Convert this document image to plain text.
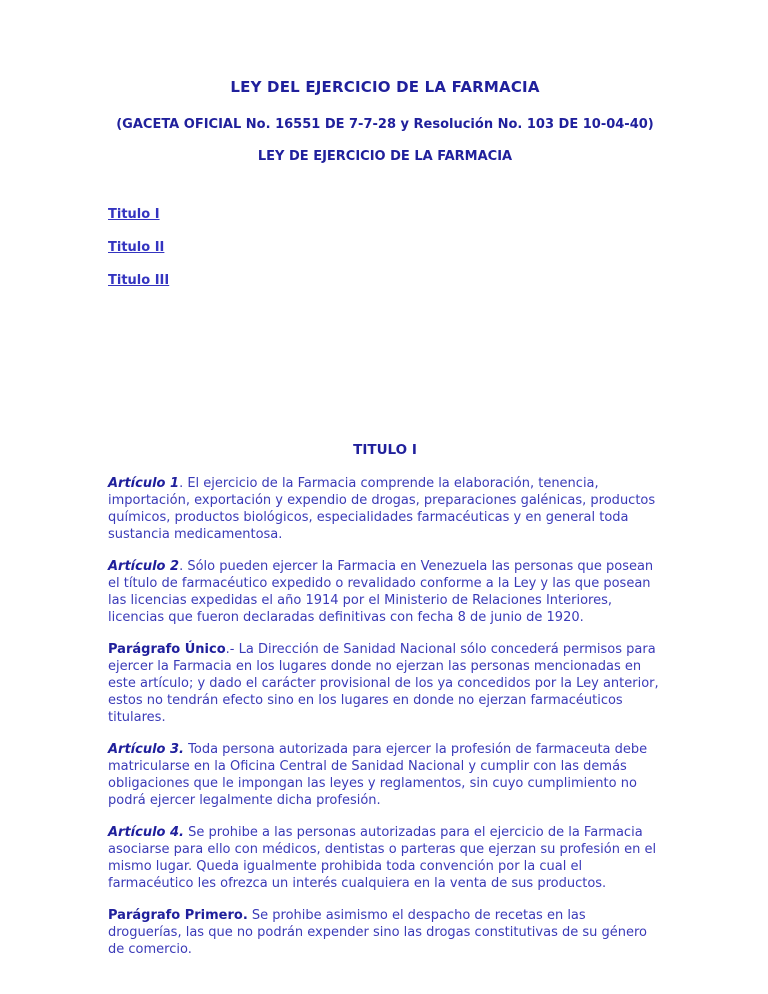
LEY DEL EJERCICIO DE LA FARMACIA
(GACETA OFICIAL No. 16551 DE 7-7-28 y Resolución No. 103 DE 10-04-40)
LEY DE EJERCICIO DE LA FARMACIA
Titulo I
Titulo II
Titulo III
TITULO I

Artículo 1. El ejercicio de la Farmacia comprende la elaboración, tenencia, importación, exportación y expendio de drogas, preparaciones galénicas, productos químicos, productos biológicos, especialidades farmacéuticas y en general toda sustancia medicamentosa.

Artículo 2. Sólo pueden ejercer la Farmacia en Venezuela las personas que posean el título de farmacéutico expedido o revalidado conforme a la Ley y las que posean las licencias expedidas el año 1914 por el Ministerio de Relaciones Interiores, licencias que fueron declaradas definitivas con fecha 8 de junio de 1920.

Parágrafo Único.- La Dirección de Sanidad Nacional sólo concederá permisos para ejercer la Farmacia en los lugares donde no ejerzan las personas mencionadas en este artículo; y dado el carácter provisional de los ya concedidos por la Ley anterior, estos no tendrán efecto sino en los lugares en donde no ejerzan farmacéuticos titulares.

Artículo 3. Toda persona autorizada para ejercer la profesión de farmaceuta debe matricularse en la Oficina Central de Sanidad Nacional y cumplir con las demás obligaciones que le impongan las leyes y reglamentos, sin cuyo cumplimiento no podrá ejercer legalmente dicha profesión.

Artículo 4. Se prohibe a las personas autorizadas para el ejercicio de la Farmacia asociarse para ello con médicos, dentistas o parteras que ejerzan su profesión en el mismo lugar. Queda igualmente prohibida toda convención por la cual el farmacéutico les ofrezca un interés cualquiera en la venta de sus productos.

Parágrafo Primero. Se prohibe asimismo el despacho de recetas en las droguerías, las que no podrán expender sino las drogas constitutivas de su género de comercio.
